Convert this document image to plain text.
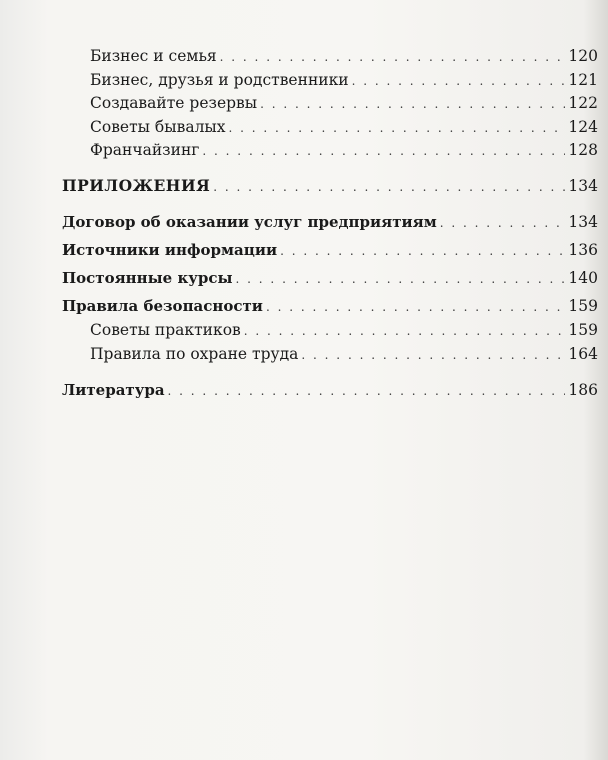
Бизнес и семья . . .	120
Бизнес, друзья и родственники . . .	121
Создавайте резервы . . .	122
Советы бывалых . . .	124
Франчайзинг . . .	128
ПРИЛОЖЕНИЯ . . .	134
Договор об оказании услуг предприятиям . . .	134
Источники информации . . .	136
Постоянные курсы . . .	140
Правила безопасности . . .	159
Советы практиков . . .	159
Правила по охране труда . . .	164
Литература . . .	186
